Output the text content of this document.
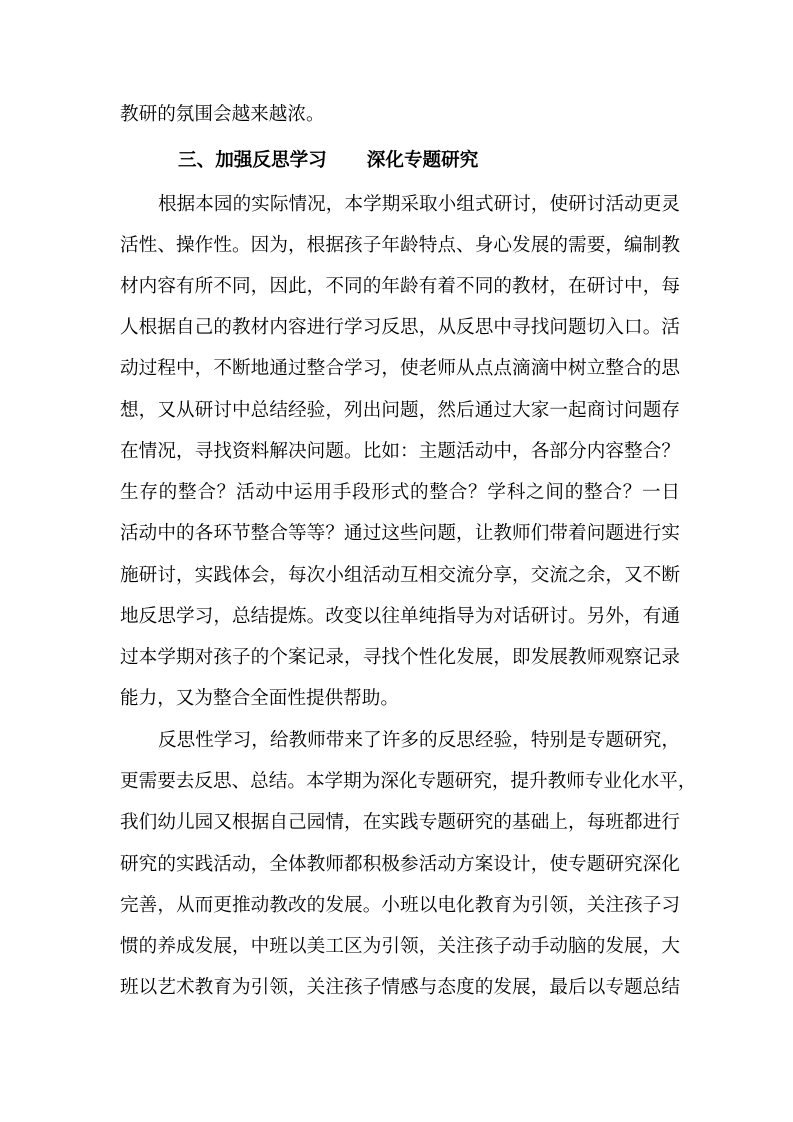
教研的氛围会越来越浓。
三、加强反思学习 深化专题研究
根据本园的实际情况，本学期采取小组式研讨，使研讨活动更灵
活性、操作性。因为，根据孩子年龄特点、身心发展的需要，编制教
材内容有所不同，因此，不同的年龄有着不同的教材，在研讨中，每
人根据自己的教材内容进行学习反思，从反思中寻找问题切入口。活
动过程中，不断地通过整合学习，使老师从点点滴滴中树立整合的思
想，又从研讨中总结经验，列出问题，然后通过大家一起商讨问题存
在情况，寻找资料解决问题。比如：主题活动中，各部分内容整合？
生存的整合？活动中运用手段形式的整合？学科之间的整合？一日
活动中的各环节整合等等？通过这些问题，让教师们带着问题进行实
施研讨，实践体会，每次小组活动互相交流分享，交流之余，又不断
地反思学习，总结提炼。改变以往单纯指导为对话研讨。另外，有通
过本学期对孩子的个案记录，寻找个性化发展，即发展教师观察记录
能力，又为整合全面性提供帮助。
反思性学习，给教师带来了许多的反思经验，特别是专题研究，
更需要去反思、总结。本学期为深化专题研究，提升教师专业化水平，
我们幼儿园又根据自己园情，在实践专题研究的基础上，每班都进行
研究的实践活动，全体教师都积极参活动方案设计，使专题研究深化
完善，从而更推动教改的发展。小班以电化教育为引领，关注孩子习
惯的养成发展，中班以美工区为引领，关注孩子动手动脑的发展，大
班以艺术教育为引领，关注孩子情感与态度的发展，最后以专题总结
